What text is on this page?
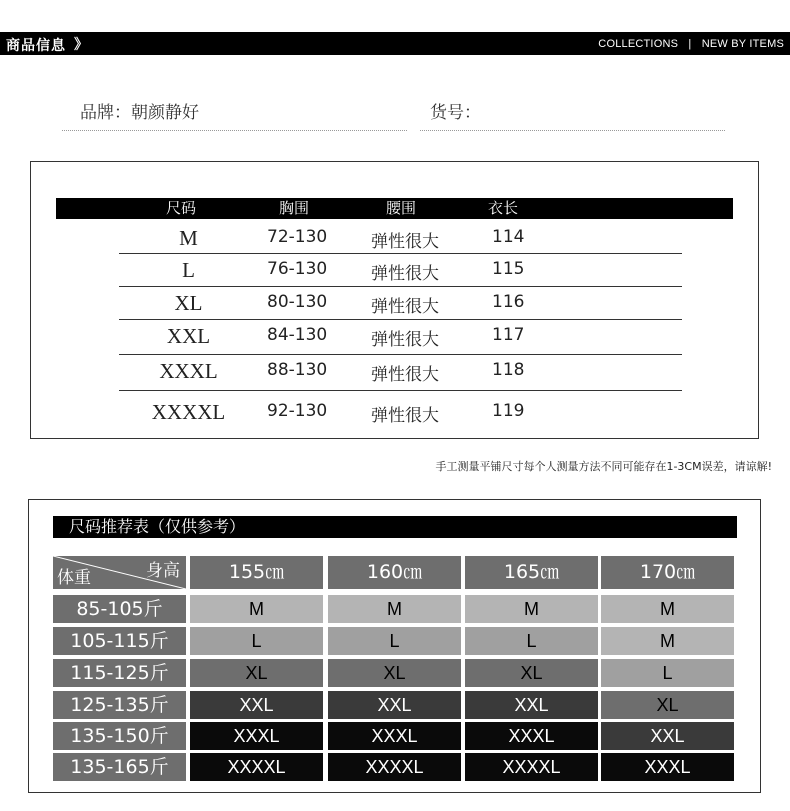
商品信息 》	COLLECTIONS | NEW BY ITEMS
品牌：朝颜静好	货号：
尺码	胸围	腰围	衣长
M	72-130	弹性很大	114
L	76-130	弹性很大	115
XL	80-130	弹性很大	116
XXL	84-130	弹性很大	117
XXXL	88-130	弹性很大	118
XXXXL	92-130	弹性很大	119
手工测量平铺尺寸每个人测量方法不同可能存在1-3CM误差，请谅解!
尺码推荐表（仅供参考）
身高
体重	155㎝	160㎝	165㎝	170㎝
85-105斤	M	M	M	M
105-115斤	L	L	L	M
115-125斤	XL	XL	XL	L
125-135斤	XXL	XXL	XXL	XL
135-150斤	XXXL	XXXL	XXXL	XXL
135-165斤	XXXXL	XXXXL	XXXXL	XXXL
